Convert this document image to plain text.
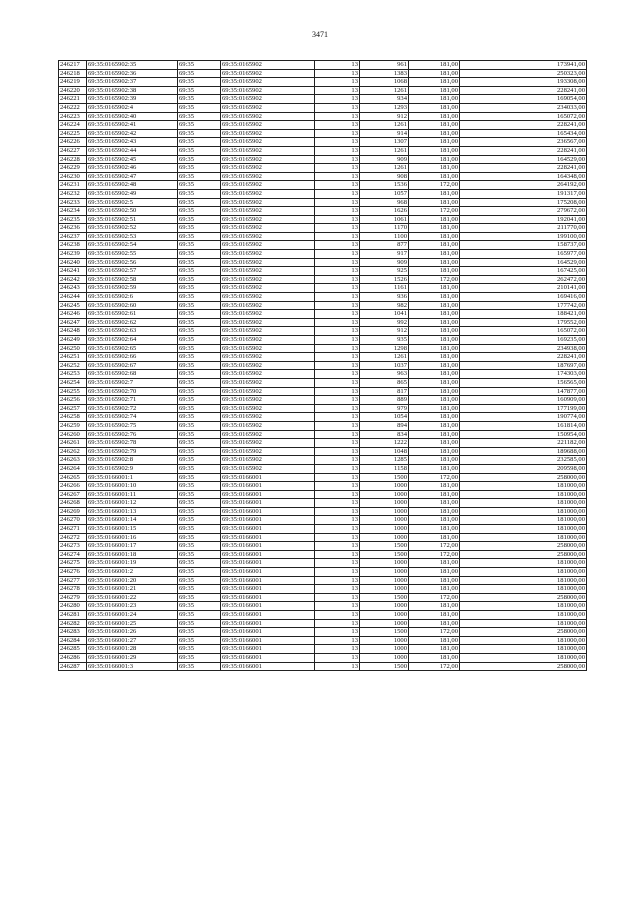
3471
246217	69:35:0165902:35	69:35	69:35:0165902	13	961	181,00	173941,00
246218	69:35:0165902:36	69:35	69:35:0165902	13	1383	181,00	250323,00
246219	69:35:0165902:37	69:35	69:35:0165902	13	1068	181,00	193308,00
246220	69:35:0165902:38	69:35	69:35:0165902	13	1261	181,00	228241,00
246221	69:35:0165902:39	69:35	69:35:0165902	13	934	181,00	169054,00
246222	69:35:0165902:4	69:35	69:35:0165902	13	1293	181,00	234033,00
246223	69:35:0165902:40	69:35	69:35:0165902	13	912	181,00	165072,00
246224	69:35:0165902:41	69:35	69:35:0165902	13	1261	181,00	228241,00
246225	69:35:0165902:42	69:35	69:35:0165902	13	914	181,00	165434,00
246226	69:35:0165902:43	69:35	69:35:0165902	13	1307	181,00	236567,00
246227	69:35:0165902:44	69:35	69:35:0165902	13	1261	181,00	228241,00
246228	69:35:0165902:45	69:35	69:35:0165902	13	909	181,00	164529,00
246229	69:35:0165902:46	69:35	69:35:0165902	13	1261	181,00	228241,00
246230	69:35:0165902:47	69:35	69:35:0165902	13	908	181,00	164348,00
246231	69:35:0165902:48	69:35	69:35:0165902	13	1536	172,00	264192,00
246232	69:35:0165902:49	69:35	69:35:0165902	13	1057	181,00	191317,00
246233	69:35:0165902:5	69:35	69:35:0165902	13	968	181,00	175208,00
246234	69:35:0165902:50	69:35	69:35:0165902	13	1626	172,00	279672,00
246235	69:35:0165902:51	69:35	69:35:0165902	13	1061	181,00	192041,00
246236	69:35:0165902:52	69:35	69:35:0165902	13	1170	181,00	211770,00
246237	69:35:0165902:53	69:35	69:35:0165902	13	1100	181,00	199100,00
246238	69:35:0165902:54	69:35	69:35:0165902	13	877	181,00	158737,00
246239	69:35:0165902:55	69:35	69:35:0165902	13	917	181,00	165977,00
246240	69:35:0165902:56	69:35	69:35:0165902	13	909	181,00	164529,00
246241	69:35:0165902:57	69:35	69:35:0165902	13	925	181,00	167425,00
246242	69:35:0165902:58	69:35	69:35:0165902	13	1526	172,00	262472,00
246243	69:35:0165902:59	69:35	69:35:0165902	13	1161	181,00	210141,00
246244	69:35:0165902:6	69:35	69:35:0165902	13	936	181,00	169416,00
246245	69:35:0165902:60	69:35	69:35:0165902	13	982	181,00	177742,00
246246	69:35:0165902:61	69:35	69:35:0165902	13	1041	181,00	188421,00
246247	69:35:0165902:62	69:35	69:35:0165902	13	992	181,00	179552,00
246248	69:35:0165902:63	69:35	69:35:0165902	13	912	181,00	165072,00
246249	69:35:0165902:64	69:35	69:35:0165902	13	935	181,00	169235,00
246250	69:35:0165902:65	69:35	69:35:0165902	13	1298	181,00	234938,00
246251	69:35:0165902:66	69:35	69:35:0165902	13	1261	181,00	228241,00
246252	69:35:0165902:67	69:35	69:35:0165902	13	1037	181,00	187697,00
246253	69:35:0165902:68	69:35	69:35:0165902	13	963	181,00	174303,00
246254	69:35:0165902:7	69:35	69:35:0165902	13	865	181,00	156565,00
246255	69:35:0165902:70	69:35	69:35:0165902	13	817	181,00	147877,00
246256	69:35:0165902:71	69:35	69:35:0165902	13	889	181,00	160909,00
246257	69:35:0165902:72	69:35	69:35:0165902	13	979	181,00	177199,00
246258	69:35:0165902:74	69:35	69:35:0165902	13	1054	181,00	190774,00
246259	69:35:0165902:75	69:35	69:35:0165902	13	894	181,00	161814,00
246260	69:35:0165902:76	69:35	69:35:0165902	13	834	181,00	150954,00
246261	69:35:0165902:78	69:35	69:35:0165902	13	1222	181,00	221182,00
246262	69:35:0165902:79	69:35	69:35:0165902	13	1048	181,00	189688,00
246263	69:35:0165902:8	69:35	69:35:0165902	13	1285	181,00	232585,00
246264	69:35:0165902:9	69:35	69:35:0165902	13	1158	181,00	209598,00
246265	69:35:0166001:1	69:35	69:35:0166001	13	1500	172,00	258000,00
246266	69:35:0166001:10	69:35	69:35:0166001	13	1000	181,00	181000,00
246267	69:35:0166001:11	69:35	69:35:0166001	13	1000	181,00	181000,00
246268	69:35:0166001:12	69:35	69:35:0166001	13	1000	181,00	181000,00
246269	69:35:0166001:13	69:35	69:35:0166001	13	1000	181,00	181000,00
246270	69:35:0166001:14	69:35	69:35:0166001	13	1000	181,00	181000,00
246271	69:35:0166001:15	69:35	69:35:0166001	13	1000	181,00	181000,00
246272	69:35:0166001:16	69:35	69:35:0166001	13	1000	181,00	181000,00
246273	69:35:0166001:17	69:35	69:35:0166001	13	1500	172,00	258000,00
246274	69:35:0166001:18	69:35	69:35:0166001	13	1500	172,00	258000,00
246275	69:35:0166001:19	69:35	69:35:0166001	13	1000	181,00	181000,00
246276	69:35:0166001:2	69:35	69:35:0166001	13	1000	181,00	181000,00
246277	69:35:0166001:20	69:35	69:35:0166001	13	1000	181,00	181000,00
246278	69:35:0166001:21	69:35	69:35:0166001	13	1000	181,00	181000,00
246279	69:35:0166001:22	69:35	69:35:0166001	13	1500	172,00	258000,00
246280	69:35:0166001:23	69:35	69:35:0166001	13	1000	181,00	181000,00
246281	69:35:0166001:24	69:35	69:35:0166001	13	1000	181,00	181000,00
246282	69:35:0166001:25	69:35	69:35:0166001	13	1000	181,00	181000,00
246283	69:35:0166001:26	69:35	69:35:0166001	13	1500	172,00	258000,00
246284	69:35:0166001:27	69:35	69:35:0166001	13	1000	181,00	181000,00
246285	69:35:0166001:28	69:35	69:35:0166001	13	1000	181,00	181000,00
246286	69:35:0166001:29	69:35	69:35:0166001	13	1000	181,00	181000,00
246287	69:35:0166001:3	69:35	69:35:0166001	13	1500	172,00	258000,00
